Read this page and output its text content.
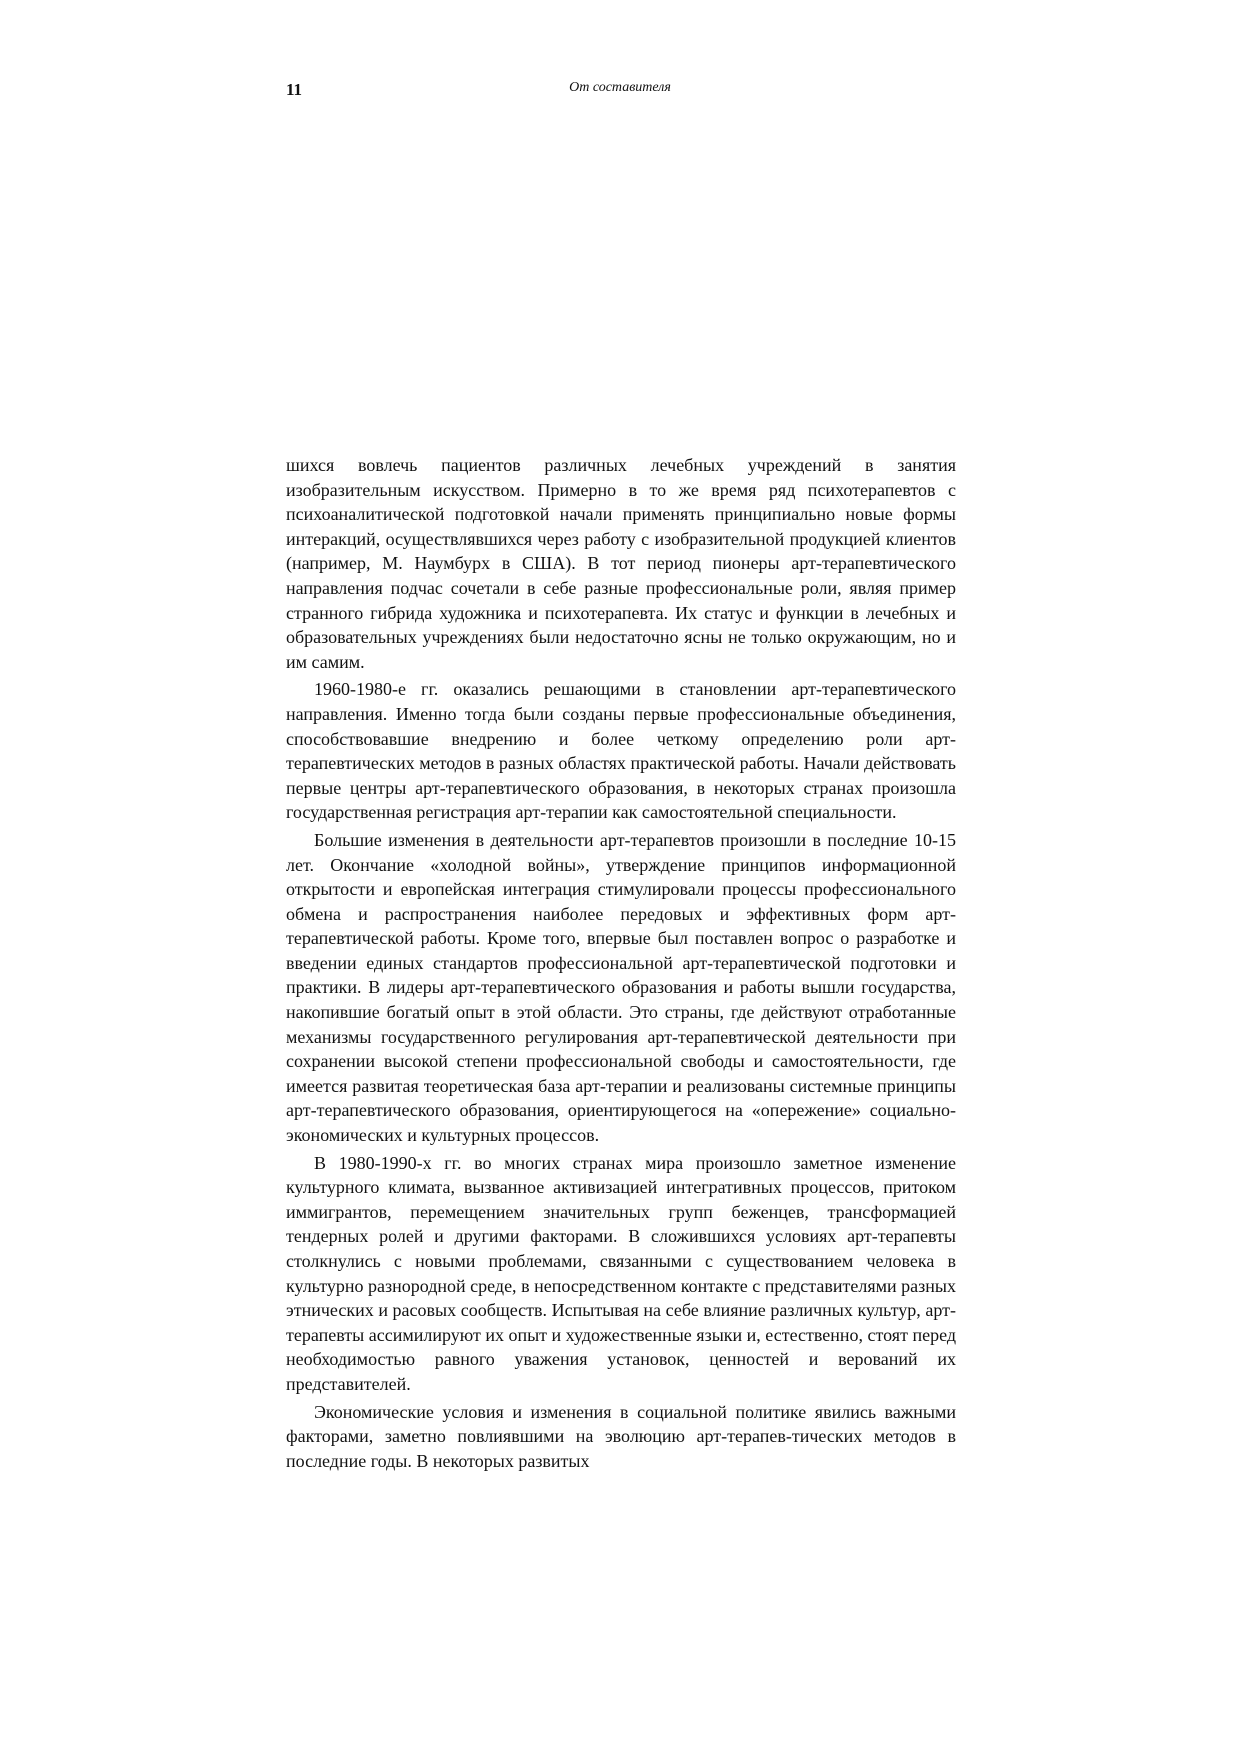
11	От составителя

шихся вовлечь пациентов различных лечебных учреждений в занятия изобразительным искусством. Примерно в то же время ряд психотерапевтов с психоаналитической подготовкой начали применять принципиально новые формы интеракций, осуществлявшихся через работу с изобразительной продукцией клиентов (например, М. Наумбурх в США). В тот период пионеры арт-терапевтического направления подчас сочетали в себе разные профессиональные роли, являя пример странного гибрида художника и психотерапевта. Их статус и функции в лечебных и образовательных учреждениях были недостаточно ясны не только окружающим, но и им самим.

1960-1980-е гг. оказались решающими в становлении арт-терапевтического направления. Именно тогда были созданы первые профессиональные объединения, способствовавшие внедрению и более четкому определению роли арт-терапевтических методов в разных областях практической работы. Начали действовать первые центры арт-терапевтического образования, в некоторых странах произошла государственная регистрация арт-терапии как самостоятельной специальности.

Большие изменения в деятельности арт-терапевтов произошли в последние 10-15 лет. Окончание «холодной войны», утверждение принципов информационной открытости и европейская интеграция стимулировали процессы профессионального обмена и распространения наиболее передовых и эффективных форм арт-терапевтической работы. Кроме того, впервые был поставлен вопрос о разработке и введении единых стандартов профессиональной арт-терапевтической подготовки и практики. В лидеры арт-терапевтического образования и работы вышли государства, накопившие богатый опыт в этой области. Это страны, где действуют отработанные механизмы государственного регулирования арт-терапевтической деятельности при сохранении высокой степени профессиональной свободы и самостоятельности, где имеется развитая теоретическая база арт-терапии и реализованы системные принципы арт-терапевтического образования, ориентирующегося на «опережение» социально-экономических и культурных процессов.

В 1980-1990-х гг. во многих странах мира произошло заметное изменение культурного климата, вызванное активизацией интегративных процессов, притоком иммигрантов, перемещением значительных групп беженцев, трансформацией тендерных ролей и другими факторами. В сложившихся условиях арт-терапевты столкнулись с новыми проблемами, связанными с существованием человека в культурно разнородной среде, в непосредственном контакте с представителями разных этнических и расовых сообществ. Испытывая на себе влияние различных культур, арт-терапевты ассимилируют их опыт и художественные языки и, естественно, стоят перед необходимостью равного уважения установок, ценностей и верований их представителей.

Экономические условия и изменения в социальной политике явились важными факторами, заметно повлиявшими на эволюцию арт-терапев-тических методов в последние годы. В некоторых развитых
